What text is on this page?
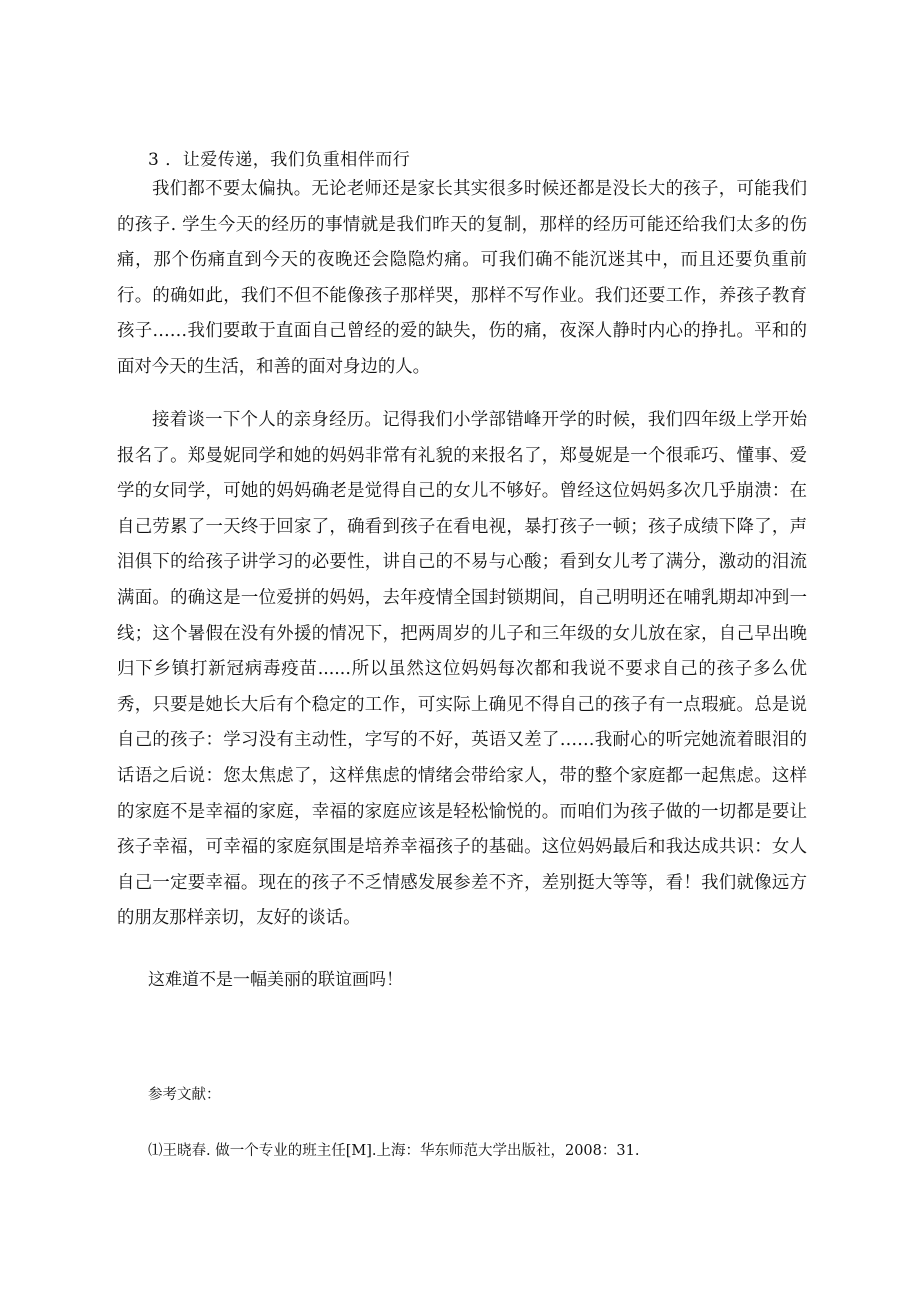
3 ．让爱传递，我们负重相伴而行

我们都不要太偏执。无论老师还是家长其实很多时候还都是没长大的孩子，可能我们的孩子. 学生今天的经历的事情就是我们昨天的复制，那样的经历可能还给我们太多的伤痛，那个伤痛直到今天的夜晚还会隐隐灼痛。可我们确不能沉迷其中，而且还要负重前行。的确如此，我们不但不能像孩子那样哭，那样不写作业。我们还要工作，养孩子教育孩子……我们要敢于直面自己曾经的爱的缺失，伤的痛，夜深人静时内心的挣扎。平和的面对今天的生活，和善的面对身边的人。

接着谈一下个人的亲身经历。记得我们小学部错峰开学的时候，我们四年级上学开始报名了。郑曼妮同学和她的妈妈非常有礼貌的来报名了，郑曼妮是一个很乖巧、懂事、爱学的女同学，可她的妈妈确老是觉得自己的女儿不够好。曾经这位妈妈多次几乎崩溃：在自己劳累了一天终于回家了，确看到孩子在看电视，暴打孩子一顿；孩子成绩下降了，声泪俱下的给孩子讲学习的必要性，讲自己的不易与心酸；看到女儿考了满分，激动的泪流满面。的确这是一位爱拼的妈妈，去年疫情全国封锁期间，自己明明还在哺乳期却冲到一线；这个暑假在没有外援的情况下，把两周岁的儿子和三年级的女儿放在家，自己早出晚归下乡镇打新冠病毒疫苗......所以虽然这位妈妈每次都和我说不要求自己的孩子多么优秀，只要是她长大后有个稳定的工作，可实际上确见不得自己的孩子有一点瑕疵。总是说自己的孩子：学习没有主动性，字写的不好，英语又差了……我耐心的听完她流着眼泪的话语之后说：您太焦虑了，这样焦虑的情绪会带给家人，带的整个家庭都一起焦虑。这样的家庭不是幸福的家庭，幸福的家庭应该是轻松愉悦的。而咱们为孩子做的一切都是要让孩子幸福，可幸福的家庭氛围是培养幸福孩子的基础。这位妈妈最后和我达成共识：女人自己一定要幸福。现在的孩子不乏情感发展参差不齐，差别挺大等等，看！我们就像远方的朋友那样亲切，友好的谈话。

这难道不是一幅美丽的联谊画吗！
参考文献：
⑴王晓春. 做一个专业的班主任[M].上海：华东师范大学出版社，2008：31.
